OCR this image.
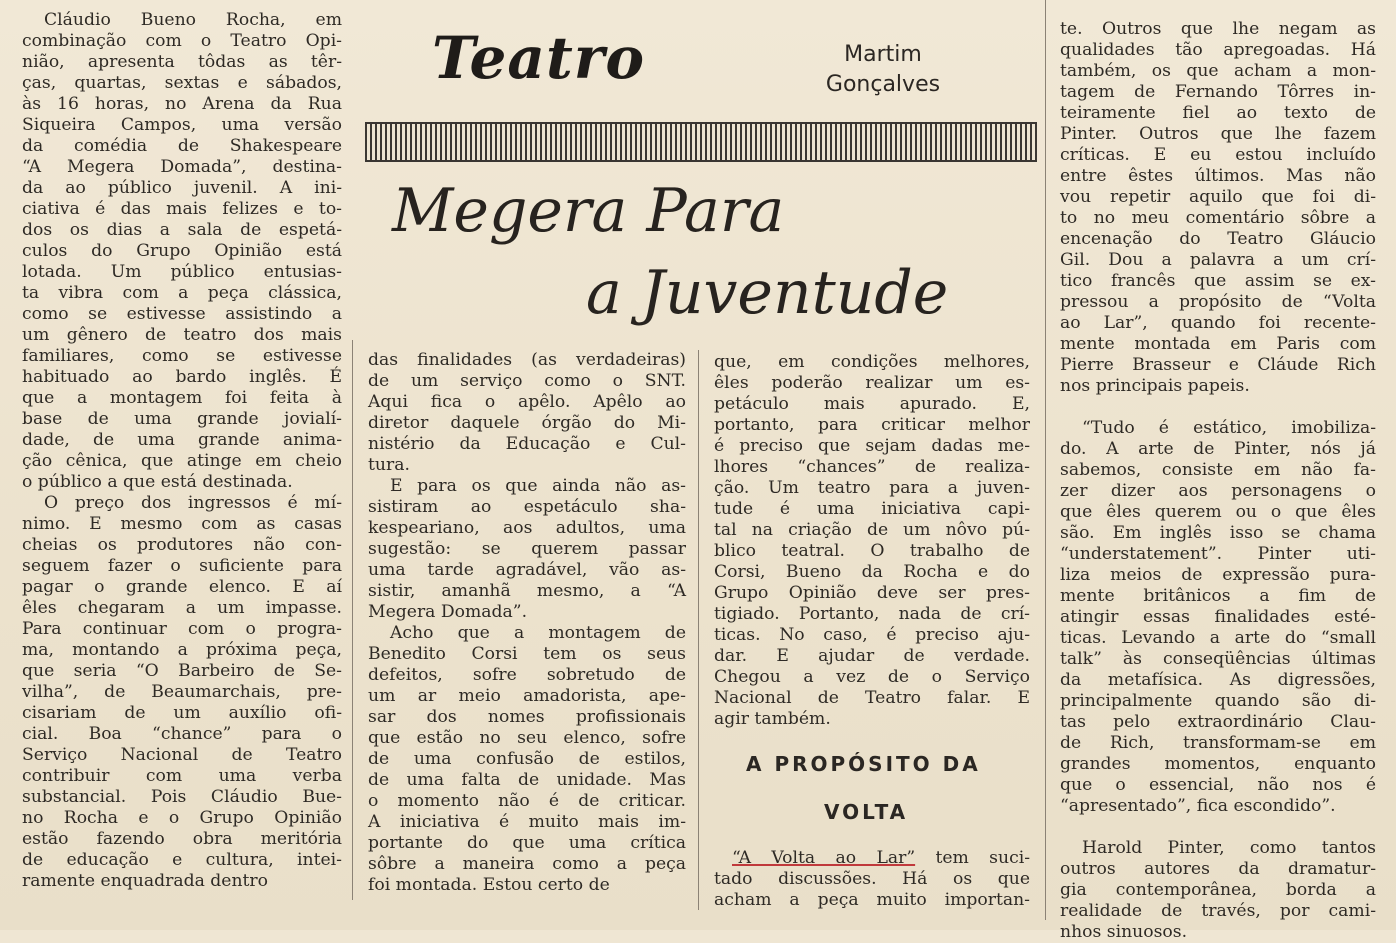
Teatro	Martim
Gonçalves
Megera Para
a Juventude
Cláudio Bueno Rocha, em
combinação com o Teatro Opi-
nião, apresenta tôdas as têr-
ças, quartas, sextas e sábados,
às 16 horas, no Arena da Rua
Siqueira Campos, uma versão
da comédia de Shakespeare
“A Megera Domada”, destina-
da ao público juvenil. A ini-
ciativa é das mais felizes e to-
dos os dias a sala de espetá-
culos do Grupo Opinião está
lotada. Um público entusias-
ta vibra com a peça clássica,
como se estivesse assistindo a
um gênero de teatro dos mais
familiares, como se estivesse
habituado ao bardo inglês. É
que a montagem foi feita à
base de uma grande jovialí-
dade, de uma grande anima-
ção cênica, que atinge em cheio
o público a que está destinada.
O preço dos ingressos é mí-
nimo. E mesmo com as casas
cheias os produtores não con-
seguem fazer o suficiente para
pagar o grande elenco. E aí
êles chegaram a um impasse.
Para continuar com o progra-
ma, montando a próxima peça,
que seria “O Barbeiro de Se-
vilha”, de Beaumarchais, pre-
cisariam de um auxílio ofi-
cial. Boa “chance” para o
Serviço Nacional de Teatro
contribuir com uma verba
substancial. Pois Cláudio Bue-
no Rocha e o Grupo Opinião
estão fazendo obra meritória
de educação e cultura, intei-
ramente enquadrada dentro
das finalidades (as verdadeiras)
de um serviço como o SNT.
Aqui fica o apêlo. Apêlo ao
diretor daquele órgão do Mi-
nistério da Educação e Cul-
tura.
E para os que ainda não as-
sistiram ao espetáculo sha-
kespeariano, aos adultos, uma
sugestão: se querem passar
uma tarde agradável, vão as-
sistir, amanhã mesmo, a “A
Megera Domada”.
Acho que a montagem de
Benedito Corsi tem os seus
defeitos, sofre sobretudo de
um ar meio amadorista, ape-
sar dos nomes profissionais
que estão no seu elenco, sofre
de uma confusão de estilos,
de uma falta de unidade. Mas
o momento não é de criticar.
A iniciativa é muito mais im-
portante do que uma crítica
sôbre a maneira como a peça
foi montada. Estou certo de
que, em condições melhores,
êles poderão realizar um es-
petáculo mais apurado. E,
portanto, para criticar melhor
é preciso que sejam dadas me-
lhores “chances” de realiza-
ção. Um teatro para a juven-
tude é uma iniciativa capi-
tal na criação de um nôvo pú-
blico teatral. O trabalho de
Corsi, Bueno da Rocha e do
Grupo Opinião deve ser pres-
tigiado. Portanto, nada de crí-
ticas. No caso, é preciso aju-
dar. E ajudar de verdade.
Chegou a vez de o Serviço
Nacional de Teatro falar. E
agir também.
A PROPÓSITO DA
VOLTA
“A Volta ao Lar” tem suci-
tado discussões. Há os que
acham a peça muito importan-
te. Outros que lhe negam as
qualidades tão apregoadas. Há
também, os que acham a mon-
tagem de Fernando Tôrres in-
teiramente fiel ao texto de
Pinter. Outros que lhe fazem
críticas. E eu estou incluído
entre êstes últimos. Mas não
vou repetir aquilo que foi di-
to no meu comentário sôbre a
encenação do Teatro Gláucio
Gil. Dou a palavra a um crí-
tico francês que assim se ex-
pressou a propósito de “Volta
ao Lar”, quando foi recente-
mente montada em Paris com
Pierre Brasseur e Cláude Rich
nos principais papeis.
“Tudo é estático, imobiliza-
do. A arte de Pinter, nós já
sabemos, consiste em não fa-
zer dizer aos personagens o
que êles querem ou o que êles
são. Em inglês isso se chama
“understatement”. Pinter uti-
liza meios de expressão pura-
mente britânicos a fim de
atingir essas finalidades esté-
ticas. Levando a arte do “small
talk” às conseqüências últimas
da metafísica. As digressões,
principalmente quando são di-
tas pelo extraordinário Clau-
de Rich, transformam-se em
grandes momentos, enquanto
que o essencial, não nos é
“apresentado”, fica escondido”.
Harold Pinter, como tantos
outros autores da dramatur-
gia contemporânea, borda a
realidade de través, por cami-
nhos sinuosos.
